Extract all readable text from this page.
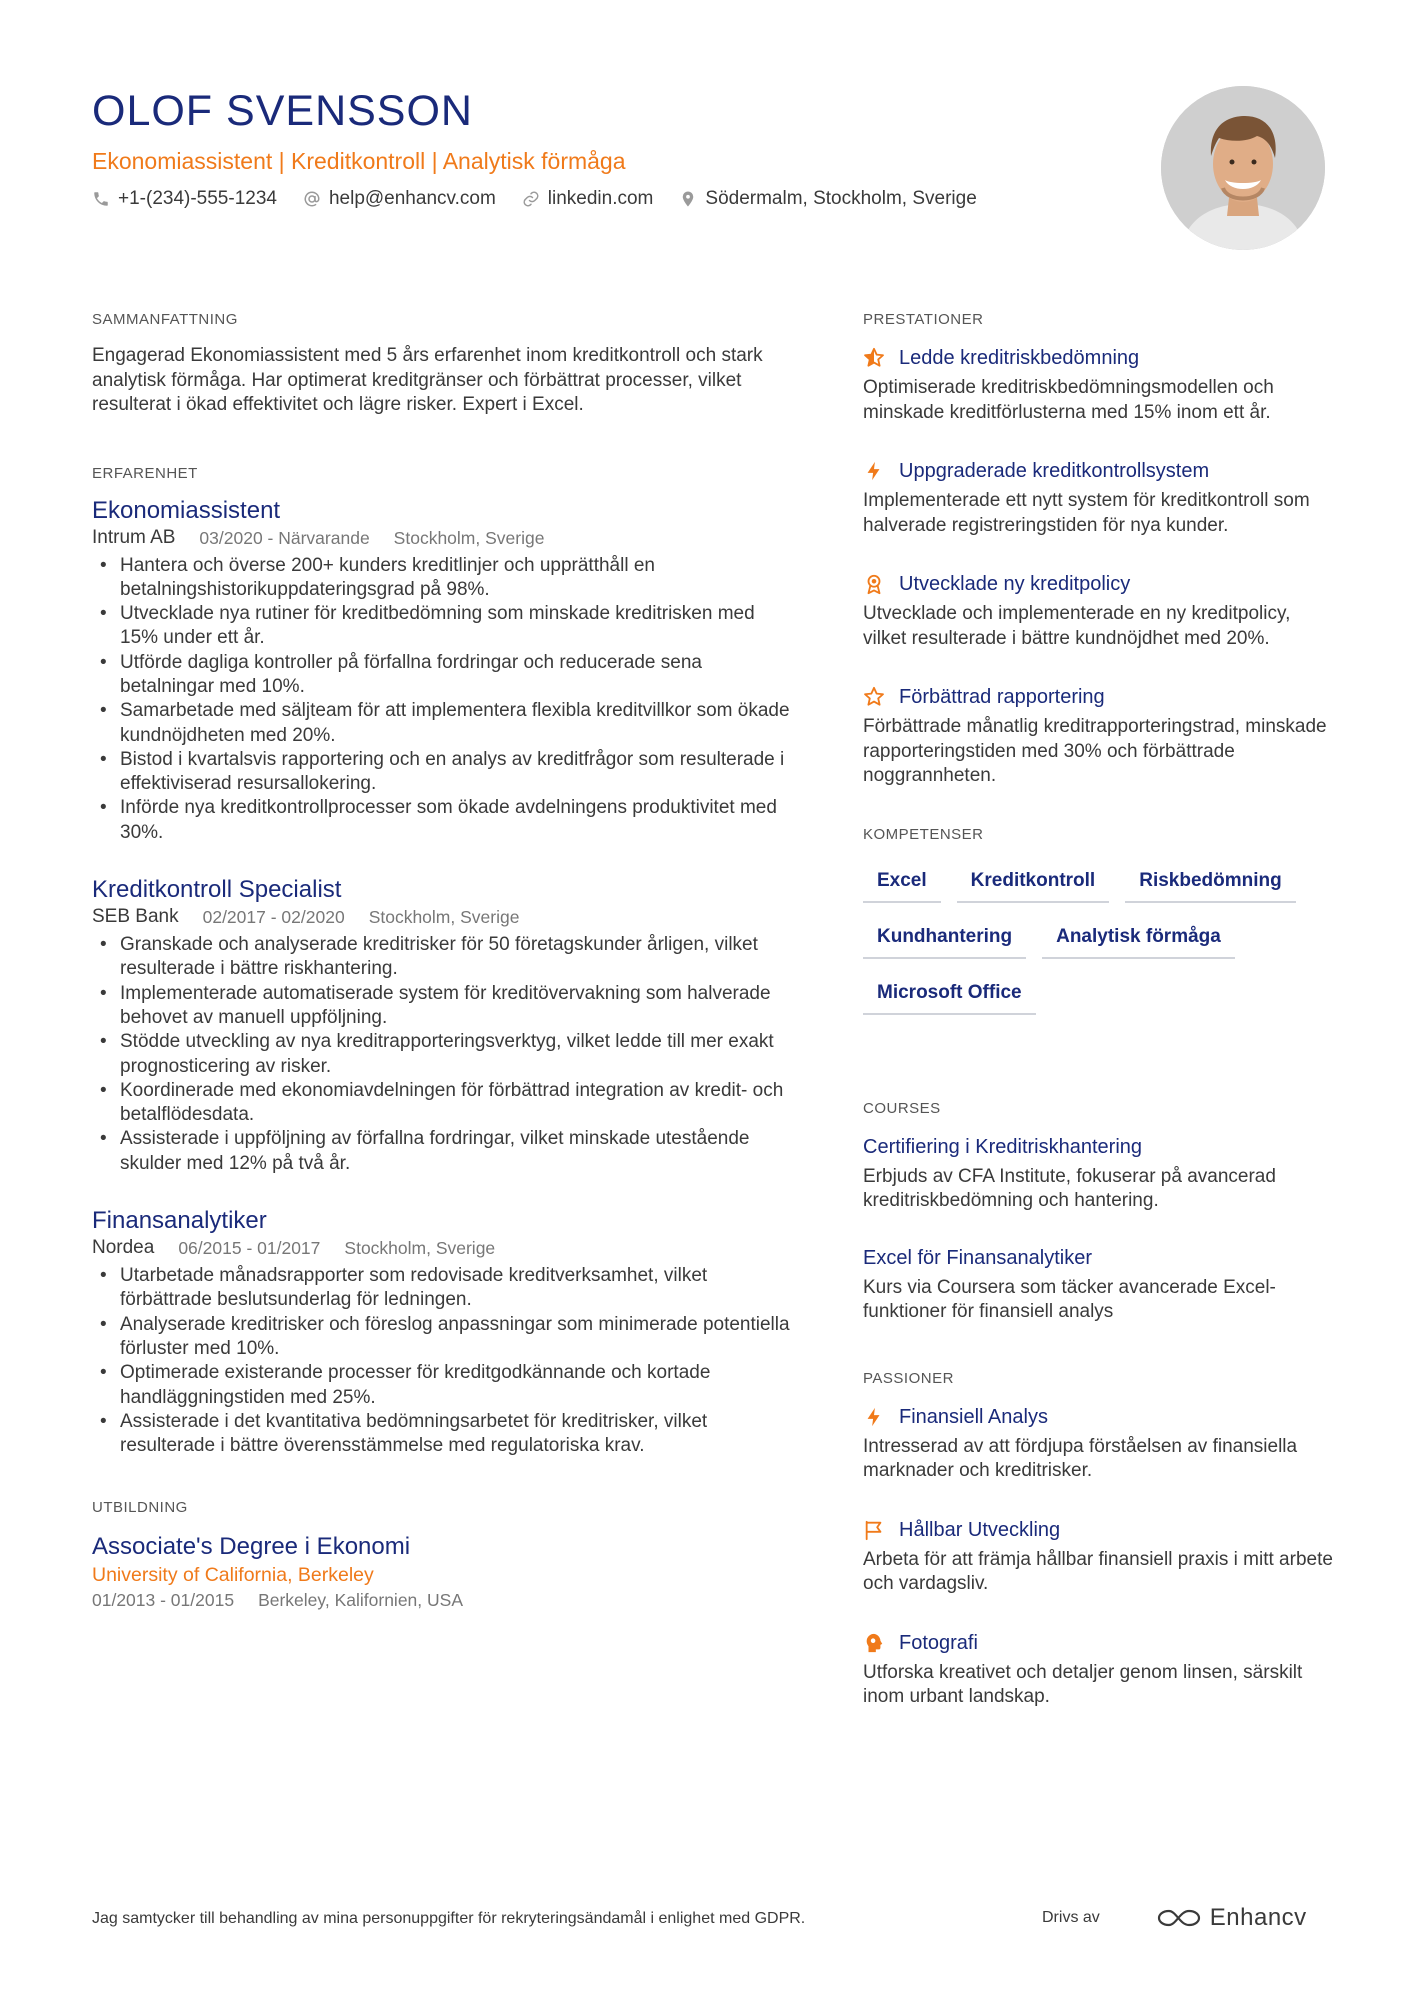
OLOF SVENSSON
Ekonomiassistent | Kreditkontroll | Analytisk förmåga
+1-(234)-555-1234	help@enhancv.com	linkedin.com	Södermalm, Stockholm, Sverige
SAMMANFATTNING

Engagerad Ekonomiassistent med 5 års erfarenhet inom kreditkontroll och stark analytisk förmåga. Har optimerat kreditgränser och förbättrat processer, vilket resulterat i ökad effektivitet och lägre risker. Expert i Excel.

ERFARENHET
Ekonomiassistent
Intrum AB 03/2020 - Närvarande Stockholm, Sverige
• Hantera och överse 200+ kunders kreditlinjer och upprätthåll en betalningshistorikuppdateringsgrad på 98%.
• Utvecklade nya rutiner för kreditbedömning som minskade kreditrisken med 15% under ett år.
• Utförde dagliga kontroller på förfallna fordringar och reducerade sena betalningar med 10%.
• Samarbetade med säljteam för att implementera flexibla kreditvillkor som ökade kundnöjdheten med 20%.
• Bistod i kvartalsvis rapportering och en analys av kreditfrågor som resulterade i effektiviserad resursallokering.
• Införde nya kreditkontrollprocesser som ökade avdelningens produktivitet med 30%.
Kreditkontroll Specialist
SEB Bank 02/2017 - 02/2020 Stockholm, Sverige
• Granskade och analyserade kreditrisker för 50 företagskunder årligen, vilket resulterade i bättre riskhantering.
• Implementerade automatiserade system för kreditövervakning som halverade behovet av manuell uppföljning.
• Stödde utveckling av nya kreditrapporteringsverktyg, vilket ledde till mer exakt prognosticering av risker.
• Koordinerade med ekonomiavdelningen för förbättrad integration av kredit- och betalflödesdata.
• Assisterade i uppföljning av förfallna fordringar, vilket minskade utestående skulder med 12% på två år.
Finansanalytiker
Nordea 06/2015 - 01/2017 Stockholm, Sverige
• Utarbetade månadsrapporter som redovisade kreditverksamhet, vilket förbättrade beslutsunderlag för ledningen.
• Analyserade kreditrisker och föreslog anpassningar som minimerade potentiella förluster med 10%.
• Optimerade existerande processer för kreditgodkännande och kortade handläggningstiden med 25%.
• Assisterade i det kvantitativa bedömningsarbetet för kreditrisker, vilket resulterade i bättre överensstämmelse med regulatoriska krav.
UTBILDNING
Associate's Degree i Ekonomi
University of California, Berkeley
01/2013 - 01/2015 Berkeley, Kalifornien, USA
PRESTATIONER
Ledde kreditriskbedömning
Optimiserade kreditriskbedömningsmodellen och minskade kreditförlusterna med 15% inom ett år.
Uppgraderade kreditkontrollsystem
Implementerade ett nytt system för kreditkontroll som halverade registreringstiden för nya kunder.
Utvecklade ny kreditpolicy
Utvecklade och implementerade en ny kreditpolicy, vilket resulterade i bättre kundnöjdhet med 20%.
Förbättrad rapportering
Förbättrade månatlig kreditrapporteringstrad, minskade rapporteringstiden med 30% och förbättrade noggrannheten.
KOMPETENSER
Excel	Kreditkontroll	Riskbedömning
Kundhantering	Analytisk förmåga
Microsoft Office
COURSES
Certifiering i Kreditriskhantering
Erbjuds av CFA Institute, fokuserar på avancerad kreditriskbedömning och hantering.
Excel för Finansanalytiker
Kurs via Coursera som täcker avancerade Excel-funktioner för finansiell analys
PASSIONER
Finansiell Analys
Intresserad av att fördjupa förståelsen av finansiella marknader och kreditrisker.
Hållbar Utveckling
Arbeta för att främja hållbar finansiell praxis i mitt arbete och vardagsliv.
Fotografi
Utforska kreativet och detaljer genom linsen, särskilt inom urbant landskap.
Jag samtycker till behandling av mina personuppgifter för rekryteringsändamål i enlighet med GDPR.	Drivs av	Enhancv
